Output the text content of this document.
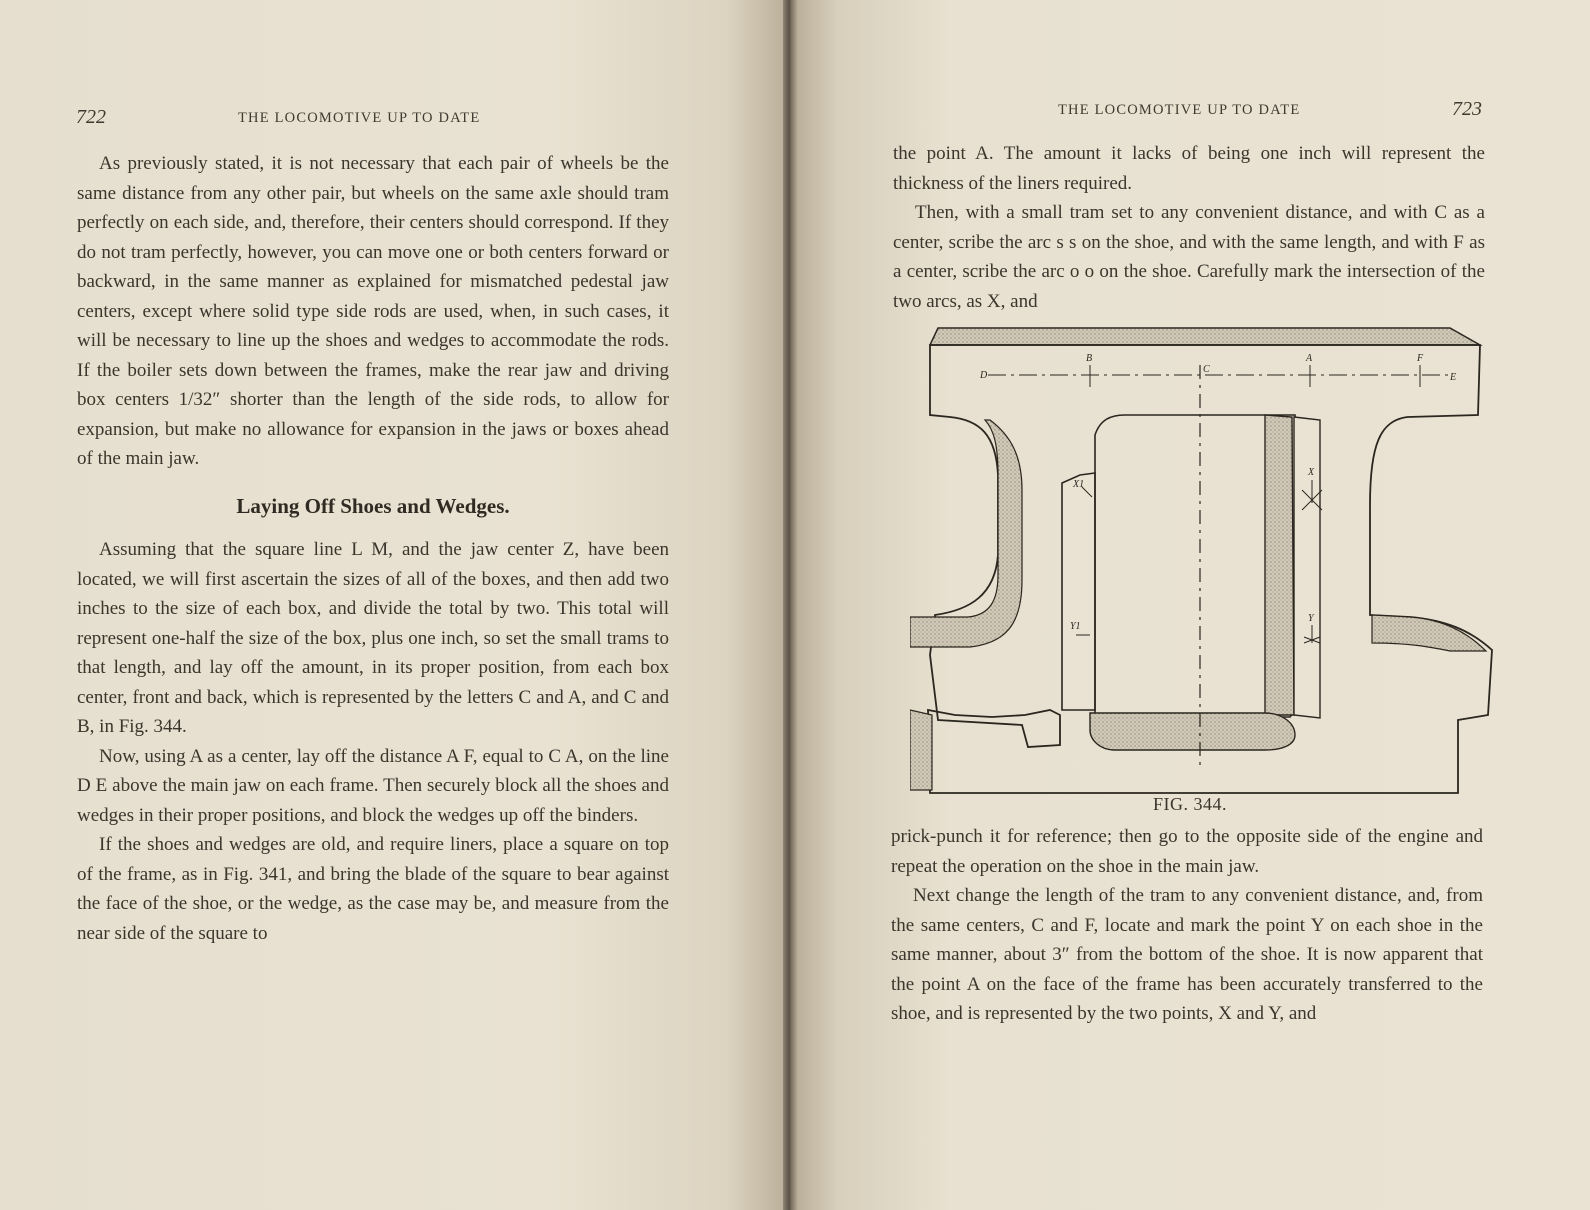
722	THE LOCOMOTIVE UP TO DATE

As previously stated, it is not necessary that each pair of wheels be the same distance from any other pair, but wheels on the same axle should tram perfectly on each side, and, therefore, their centers should correspond. If they do not tram perfectly, however, you can move one or both centers forward or backward, in the same manner as explained for mismatched pedestal jaw centers, except where solid type side rods are used, when, in such cases, it will be necessary to line up the shoes and wedges to accommodate the rods. If the boiler sets down between the frames, make the rear jaw and driving box centers 1/32″ shorter than the length of the side rods, to allow for expansion, but make no allowance for expansion in the jaws or boxes ahead of the main jaw.

Laying Off Shoes and Wedges.

Assuming that the square line L M, and the jaw center Z, have been located, we will first ascertain the sizes of all of the boxes, and then add two inches to the size of each box, and divide the total by two. This total will represent one-half the size of the box, plus one inch, so set the small trams to that length, and lay off the amount, in its proper position, from each box center, front and back, which is represented by the letters C and A, and C and B, in Fig. 344.

Now, using A as a center, lay off the distance A F, equal to C A, on the line D E above the main jaw on each frame. Then securely block all the shoes and wedges in their proper positions, and block the wedges up off the binders.

If the shoes and wedges are old, and require liners, place a square on top of the frame, as in Fig. 341, and bring the blade of the square to bear against the face of the shoe, or the wedge, as the case may be, and measure from the near side of the square to

THE LOCOMOTIVE UP TO DATE	723

the point A. The amount it lacks of being one inch will represent the thickness of the liners required.

Then, with a small tram set to any convenient distance, and with C as a center, scribe the arc s s on the shoe, and with the same length, and with F as a center, scribe the arc o o on the shoe. Carefully mark the intersection of the two arcs, as X, and

D
B
C
A	F
E
X
Y
X1
Y1
FIG. 344.

prick-punch it for reference; then go to the opposite side of the engine and repeat the operation on the shoe in the main jaw.

Next change the length of the tram to any convenient distance, and, from the same centers, C and F, locate and mark the point Y on each shoe in the same manner, about 3″ from the bottom of the shoe. It is now apparent that the point A on the face of the frame has been accurately transferred to the shoe, and is represented by the two points, X and Y, and
